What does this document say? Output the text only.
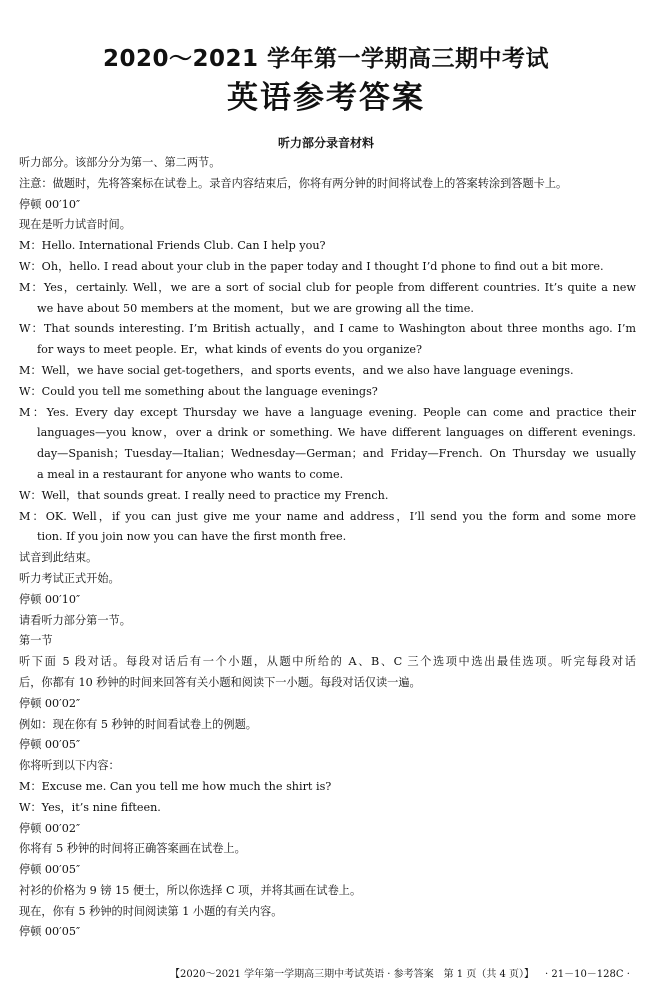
2020～2021 学年第一学期高三期中考试
英语参考答案
听力部分录音材料
听力部分。该部分分为第一、第二两节。
注意：做题时，先将答案标在试卷上。录音内容结束后，你将有两分钟的时间将试卷上的答案转涂到答题卡上。
停顿 00′10″
现在是听力试音时间。
M：Hello. International Friends Club. Can I help you?
W：Oh，hello. I read about your club in the paper today and I thought I’d phone to find out a bit more.
M：Yes，certainly. Well，we are a sort of social club for people from different countries. It’s quite a new
we have about 50 members at the moment，but we are growing all the time.
W：That sounds interesting. I’m British actually，and I came to Washington about three months ago. I’m
for ways to meet people. Er，what kinds of events do you organize?
M：Well，we have social get-togethers，and sports events，and we also have language evenings.
W：Could you tell me something about the language evenings?
M：Yes. Every day except Thursday we have a language evening. People can come and practice their
languages—you know，over a drink or something. We have different languages on different evenings.
day—Spanish；Tuesday—Italian；Wednesday—German；and Friday—French. On Thursday we usually
a meal in a restaurant for anyone who wants to come.
W：Well，that sounds great. I really need to practice my French.
M：OK. Well，if you can just give me your name and address，I’ll send you the form and some more
tion. If you join now you can have the first month free.
试音到此结束。
听力考试正式开始。
停顿 00′10″
请看听力部分第一节。
第一节
听下面 5 段对话。每段对话后有一个小题，从题中所给的 A、B、C 三个选项中选出最佳选项。听完每段对话
后，你都有 10 秒钟的时间来回答有关小题和阅读下一小题。每段对话仅读一遍。
停顿 00′02″
例如：现在你有 5 秒钟的时间看试卷上的例题。
停顿 00′05″
你将听到以下内容：
M：Excuse me. Can you tell me how much the shirt is?
W：Yes，it’s nine fifteen.
停顿 00′02″
你将有 5 秒钟的时间将正确答案画在试卷上。
停顿 00′05″
衬衫的价格为 9 镑 15 便士，所以你选择 C 项，并将其画在试卷上。
现在，你有 5 秒钟的时间阅读第 1 小题的有关内容。
停顿 00′05″
【2020～2021 学年第一学期高三期中考试英语 · 参考答案　第 1 页（共 4 页）】 · 21－10－128C ·
